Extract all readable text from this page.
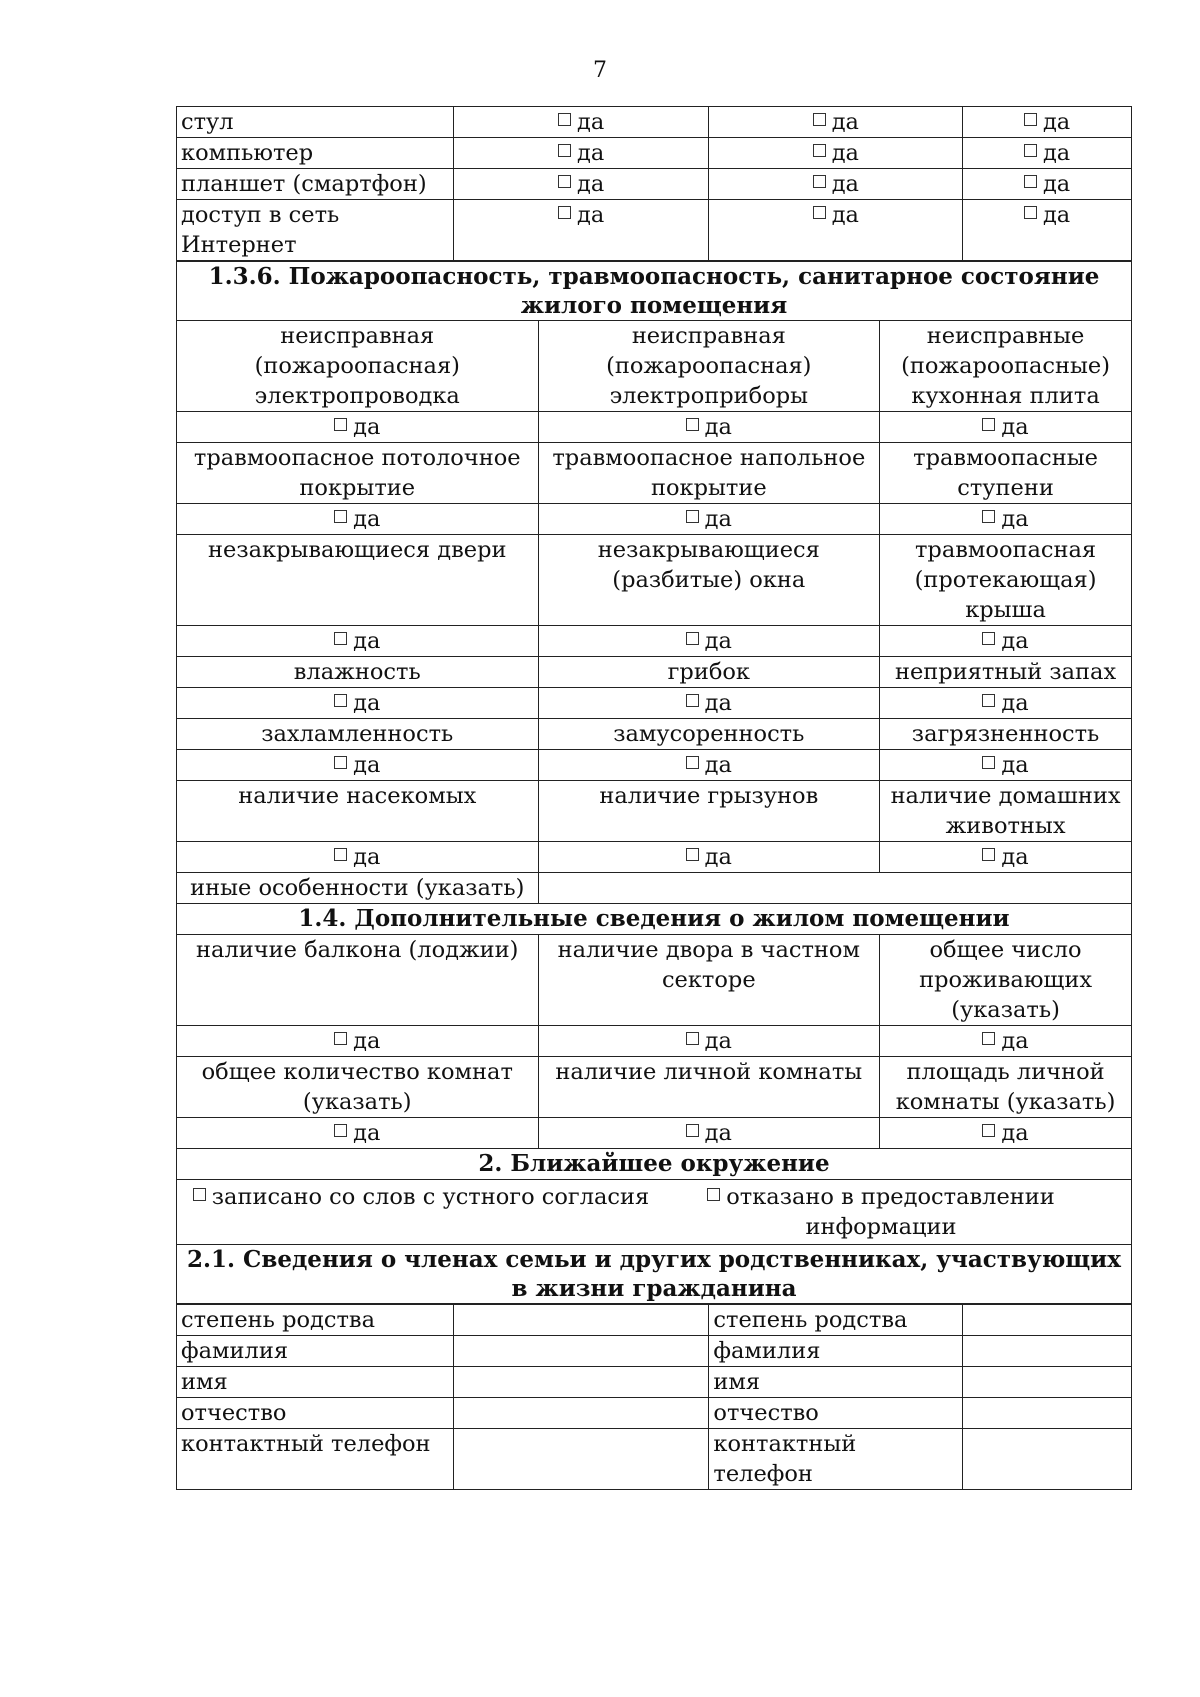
7
стул	да	да	да
компьютер	да	да	да
планшет (смартфон)	да	да	да
доступ в сеть Интернет	да	да	да
1.3.6. Пожароопасность, травмоопасность, санитарное состояние жилого помещения		
неисправная (пожароопасная) электропроводка	неисправная (пожароопасная) электроприборы	неисправные (пожароопасные) кухонная плита
да	да	да
травмоопасное потолочное покрытие	травмоопасное напольное покрытие	травмоопасные ступени
да	да	да
незакрывающиеся двери	незакрывающиеся (разбитые) окна	травмоопасная (протекающая) крыша
да	да	да
влажность	грибок	неприятный запах
да	да	да
захламленность	замусоренность	загрязненность
да	да	да
наличие насекомых	наличие грызунов	наличие домашних животных
да	да	да
иные особенности (указать)		
1.4. Дополнительные сведения о жилом помещении		
наличие балкона (лоджии)	наличие двора в частном секторе	общее число проживающих (указать)
да	да	да
общее количество комнат (указать)	наличие личной комнаты	площадь личной комнаты (указать)
да	да	да
2. Ближайшее окружение		
записано со слов с устного согласия отказано в предоставлении информации		
2.1. Сведения о членах семьи и других родственниках, участвующих в жизни гражданина		
степень родства		степень родства	
фамилия		фамилия	
имя		имя	
отчество		отчество	
контактный телефон		контактный телефон	
